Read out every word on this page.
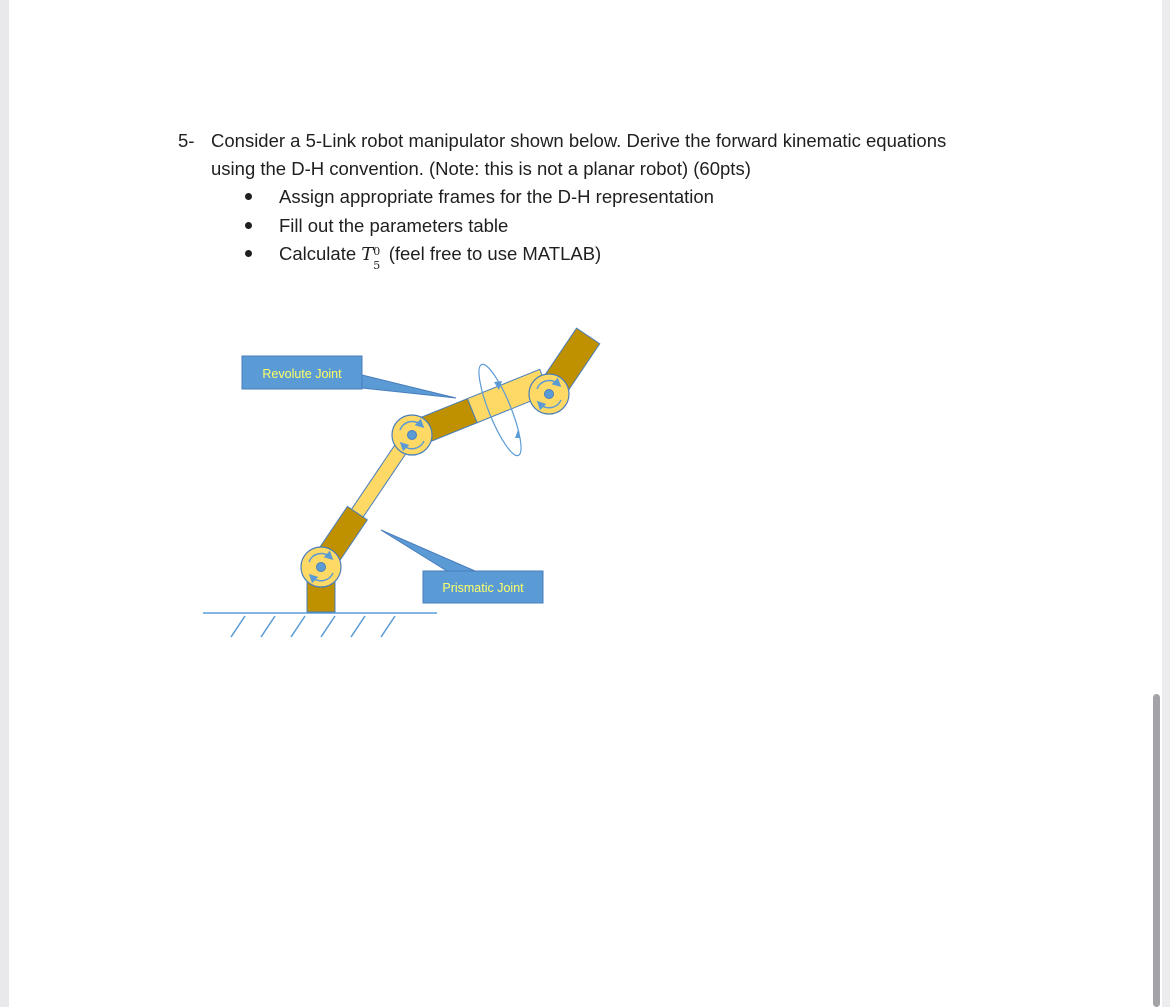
5- Consider a 5-Link robot manipulator shown below. Derive the forward kinematic equations
using the D-H convention. (Note: this is not a planar robot) (60pts)
Assign appropriate frames for the D-H representation
Fill out the parameters table
Calculate T 0
5
(feel free to use MATLAB)
Revolute Joint
Prismatic Joint
